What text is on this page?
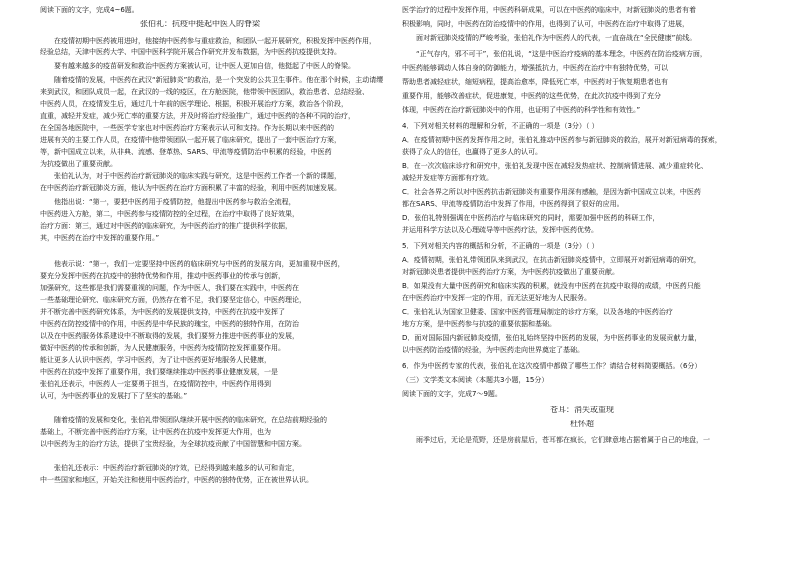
阅读下面的文字，完成4~6题。
张伯礼：抗疫中挺起中医人的脊梁
在疫情初期中医药被用进时，他接纳中医药参与重症救治，和团队一起开展研究，积极发挥中医药作用，
经验总结，天津中医药大学、中国中医科学院开展合作研究并发布数据，为中医药抗疫提供支持。
要有越来越多的疫苗研发和救治中医药方案被认可，让中医人更加自信，他挺起了中医人的脊梁。
随着疫情的发展，中医药在武汉“新冠肺炎”的救治，是一个突发的公共卫生事件。他在那个时候，主动请缨
来到武汉，和团队成员一起，在武汉的一线的疫区，在方舱医院，他带领中医团队，救治患者、总结经验、
中医药人员，在疫情发生后，通过几十年前的医学理论、根据，积极开展治疗方案，救治各个阶段，
直重，减轻并发症，减少死亡率的重要方法，并及时将治疗经验推广，通过中医药的各种不同的治疗，
在全国各地医院中，一些医学专家也对中医药治疗方案表示认可和支持。作为长期以来中医药的
进展有关的主要工作人员，在疫情中他带领团队一起开展了临床研究，提出了一套中医治疗方案，
等，新中国成立以来，从非典、流感、登革热、SARS、甲流等疫情防治中积累的经验，中医药
为抗疫做出了重要贡献。
张伯礼认为，对于中医药治疗新冠肺炎的临床实践与研究，这是中医药工作者一个新的课题，
在中医药治疗新冠肺炎方面，他认为中医药在治疗方面积累了丰富的经验，利用中医药加速发展。
他指出说：“第一，要把中医药用于疫情防控，他提出中医药参与救治全流程，
中医药进入方舱，第二，中医药参与疫情防控的全过程，在治疗中取得了良好效果，
治疗方面：第三，通过对中医药的临床研究，为中医药治疗的推广提供科学依据，
其，中医药在治疗中发挥的重要作用。”
他表示说：“第一，我们一定要坚持中医药的临床研究与中医药的发展方向，更加重视中医药，
要充分发挥中医药在抗疫中的独特优势和作用，推动中医药事业的传承与创新，
加强研究，这些都是我们需要重视的问题，作为中医人，我们要在实践中，中医药在
一些基础理论研究、临床研究方面，仍然存在着不足，我们要坚定信心，中医药理论，
并不断完善中医药研究体系，为中医药的发展提供支持，中医药在抗疫中发挥了
中医药在防控疫情中的作用，中医药是中华民族的瑰宝，中医药的独特作用，在防治
以及在中医药服务体系建设中不断取得的发展，我们要努力推进中医药事业的发展，
做好中医药的传承和创新，为人民健康服务，中医药为疫情防控发挥重要作用。
能让更多人认识中医药，学习中医药，为了让中医药更好地服务人民健康，
中医药在抗疫中发挥了重要作用，我们要继续推动中医药事业健康发展，一是
张伯礼还表示，中医药人一定要勇于担当，在疫情防控中，中医药作用得到
认可，为中医药事业的发展打下了坚实的基础。”
随着疫情的发展和变化，张伯礼带领团队继续开展中医药的临床研究，在总结前期经验的
基础上，不断完善中医药治疗方案，让中医药在抗疫中发挥更大作用，也为
以中医药为主的治疗方法，提供了宝贵经验，为全球抗疫贡献了中国智慧和中国方案。
张伯礼还表示：中医药治疗新冠肺炎的疗效，已经得到越来越多的认可和肯定，
中一些国家和地区，开始关注和使用中医药治疗，中医药的独特优势，正在被世界认识。
医学治疗的过程中发挥作用，中医药科研成果，可以在中医药的临床中，对新冠肺炎的患者有着
积极影响，同时，中医药在防治疫情中的作用，也得到了认可，中医药在治疗中取得了进展，
面对新冠肺炎疫情的严峻考验，张伯礼作为中医药人的代表，一直奋战在“全民健康”前线。
“正气存内，邪不可干”，张伯礼说，“这是中医治疗疫病的基本理念，中医药在防治疫病方面，
中医药能够调动人体自身的防御能力，增强抵抗力，中医药在治疗中有独特优势，可以
帮助患者减轻症状，缩短病程，提高治愈率，降低死亡率，中医药对于恢复期患者也有
重要作用，能够改善症状，促进康复，中医药的这些优势，在此次抗疫中得到了充分
体现，中医药在治疗新冠肺炎中的作用，也证明了中医药的科学性和有效性。”
4．下列对相关材料的理解和分析，不正确的一项是（3分）（ ）
A．在疫情初期中医药发挥作用之时，张伯礼推动中医药参与新冠肺炎的救治，展开对新冠病毒的探索，
获得了众人的信任，也赢得了更多人的认可。
B．在一次次临床诊疗和研究中，张伯礼发现中医在减轻发热症状、控制病情进展、减少重症转化、
减轻并发症等方面都有疗效。
C．社会各界之所以对中医药抗击新冠肺炎有重要作用深有感触，是因为新中国成立以来，中医药
都在SARS、甲流等疫情防治中发挥了作用，中医药得到了很好的应用。
D．张伯礼特别强调在中医药治疗与临床研究的同时，需要加强中医药的科研工作，
并运用科学方法以及心理疏导等中医药疗法，发挥中医药优势。
5．下列对相关内容的概括和分析，不正确的一项是（3分）（ ）
A．疫情初期，张伯礼带领团队来到武汉，在抗击新冠肺炎疫情中，立即展开对新冠病毒的研究，
对新冠肺炎患者提供中医药治疗方案，为中医药抗疫做出了重要贡献。
B．如果没有大量中医药研究和临床实践的积累，就没有中医药在抗疫中取得的成绩，中医药只能
在中医药治疗中发挥一定的作用，而无法更好地为人民服务。
C．张伯礼认为国家卫健委、国家中医药管理局制定的诊疗方案，以及各地的中医药治疗
地方方案，是中医药参与抗疫的重要依据和基础。
D．面对国际国内新冠肺炎疫情，张伯礼始终坚持中医药的发展，为中医药事业的发展贡献力量，
以中医药防治疫情的经验，为中医药走向世界奠定了基础。
6．作为中医药专家的代表，张伯礼在这次疫情中都做了哪些工作？请结合材料简要概括。（6分）
（三）文学类文本阅读（本题共3小题，15分）
阅读下面的文字，完成7～9题。
苍耳：消失或重现
杜怀超
雨季过后，无论是荒野，还是房前屋后，苍耳都在疯长，它们肆意地占据着属于自己的地盘，一
